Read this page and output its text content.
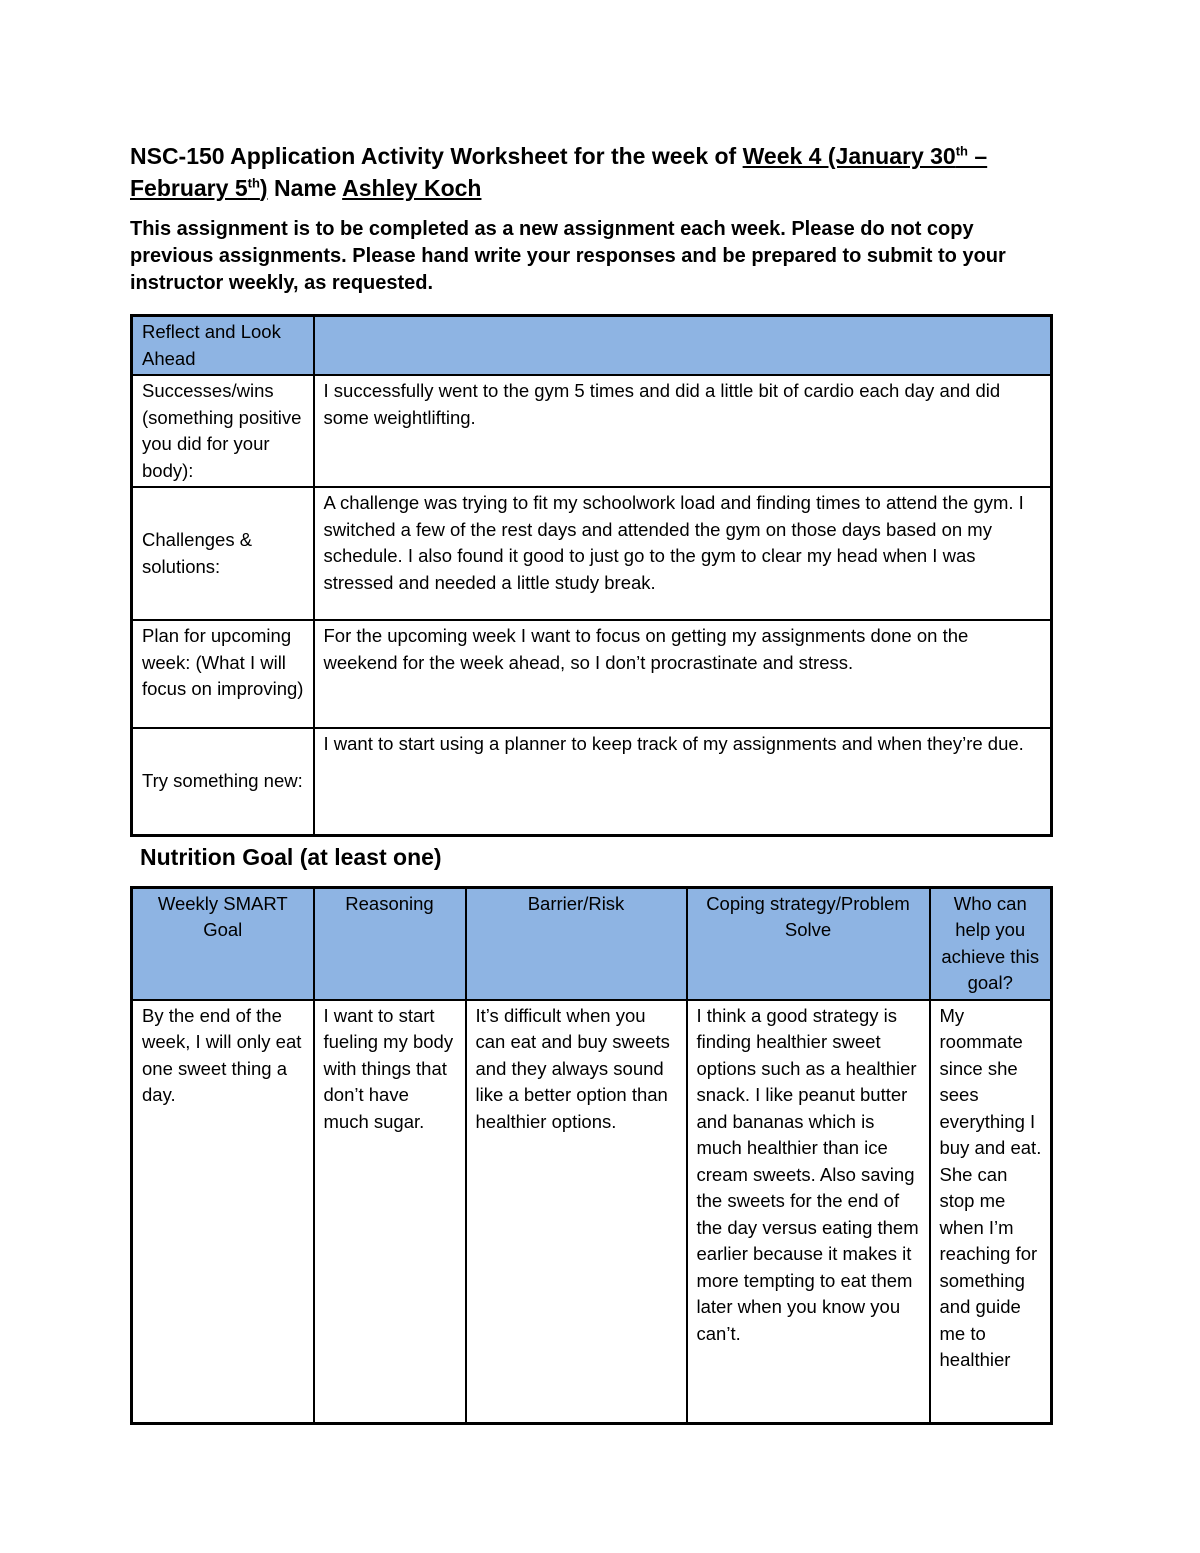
NSC-150 Application Activity Worksheet for the week of Week 4 (January 30th –
February 5th) Name Ashley Koch

This assignment is to be completed as a new assignment each week. Please do not copy previous assignments. Please hand write your responses and be prepared to submit to your instructor weekly, as requested.

Reflect and Look Ahead	
Successes/wins (something positive you did for your body):	I successfully went to the gym 5 times and did a little bit of cardio each day and did some weightlifting.
Challenges & solutions:	A challenge was trying to fit my schoolwork load and finding times to attend the gym. I switched a few of the rest days and attended the gym on those days based on my schedule. I also found it good to just go to the gym to clear my head when I was stressed and needed a little study break.
Plan for upcoming week: (What I will focus on improving)	For the upcoming week I want to focus on getting my assignments done on the weekend for the week ahead, so I don’t procrastinate and stress.
Try something new:	I want to start using a planner to keep track of my assignments and when they’re due.
Nutrition Goal (at least one)
Weekly SMART Goal	Reasoning	Barrier/Risk	Coping strategy/Problem Solve	Who can help you achieve this goal?
By the end of the week, I will only eat one sweet thing a day.	I want to start fueling my body with things that don’t have much sugar.	It’s difficult when you can eat and buy sweets and they always sound like a better option than healthier options.	I think a good strategy is finding healthier sweet options such as a healthier snack. I like peanut butter and bananas which is much healthier than ice cream sweets. Also saving the sweets for the end of the day versus eating them earlier because it makes it more tempting to eat them later when you know you can’t.	My roommate since she sees everything I buy and eat. She can stop me when I’m reaching for something and guide me to healthier
